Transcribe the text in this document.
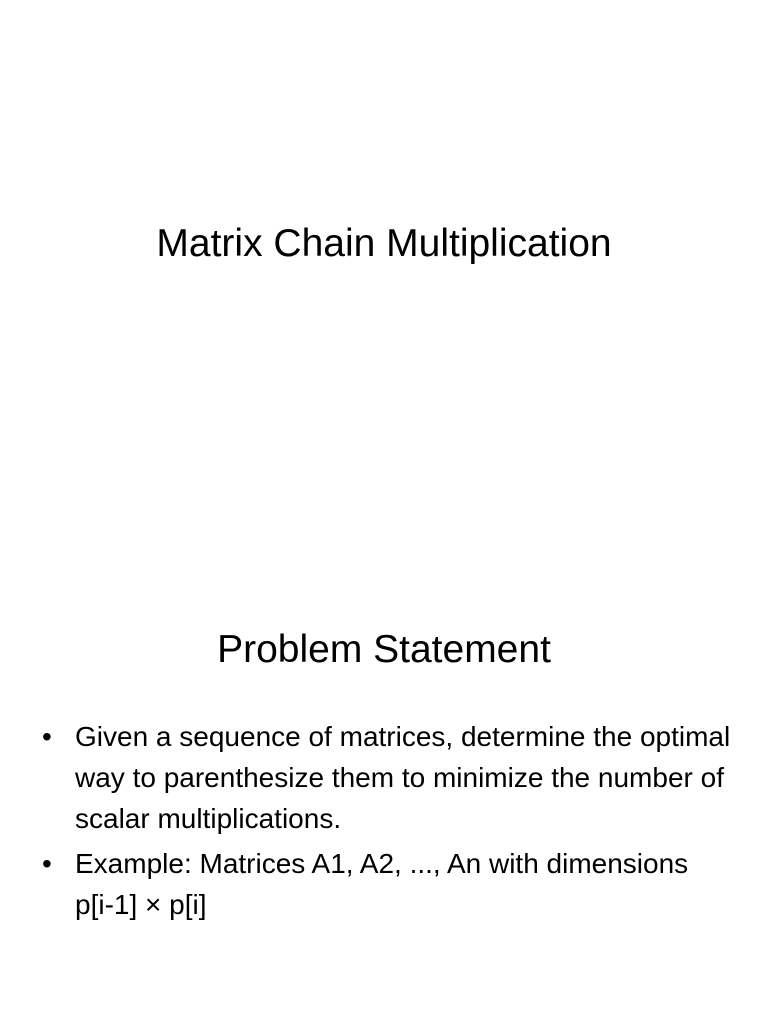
Matrix Chain Multiplication
Problem Statement
• Given a sequence of matrices, determine the optimal way to parenthesize them to minimize the number of scalar multiplications.
• Example: Matrices A1, A2, ..., An with dimensions p[i-1] × p[i]
